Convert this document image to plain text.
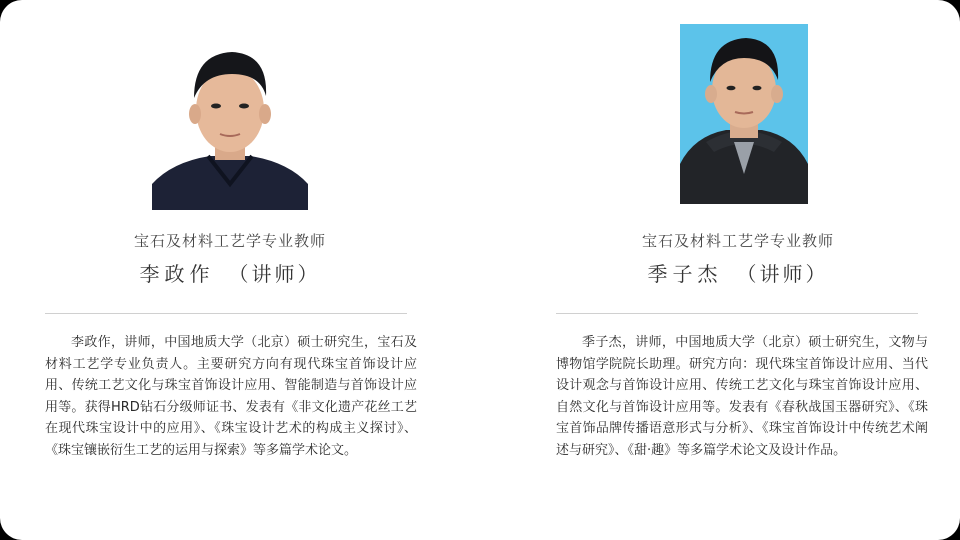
宝石及材料工艺学专业教师
李政作 （讲师）

李政作，讲师，中国地质大学（北京）硕士研究生，宝石及材料工艺学专业负责人。主要研究方向有现代珠宝首饰设计应用、传统工艺文化与珠宝首饰设计应用、智能制造与首饰设计应用等。获得HRD钻石分级师证书、发表有《非文化遗产花丝工艺在现代珠宝设计中的应用》、《珠宝设计艺术的构成主义探讨》、《珠宝镶嵌衍生工艺的运用与探索》等多篇学术论文。

宝石及材料工艺学专业教师
季子杰 （讲师）

季子杰，讲师，中国地质大学（北京）硕士研究生，文物与博物馆学院院长助理。研究方向：现代珠宝首饰设计应用、当代设计观念与首饰设计应用、传统工艺文化与珠宝首饰设计应用、自然文化与首饰设计应用等。发表有《春秋战国玉器研究》、《珠宝首饰品牌传播语意形式与分析》、《珠宝首饰设计中传统艺术阐述与研究》、《甜·趣》等多篇学术论文及设计作品。
